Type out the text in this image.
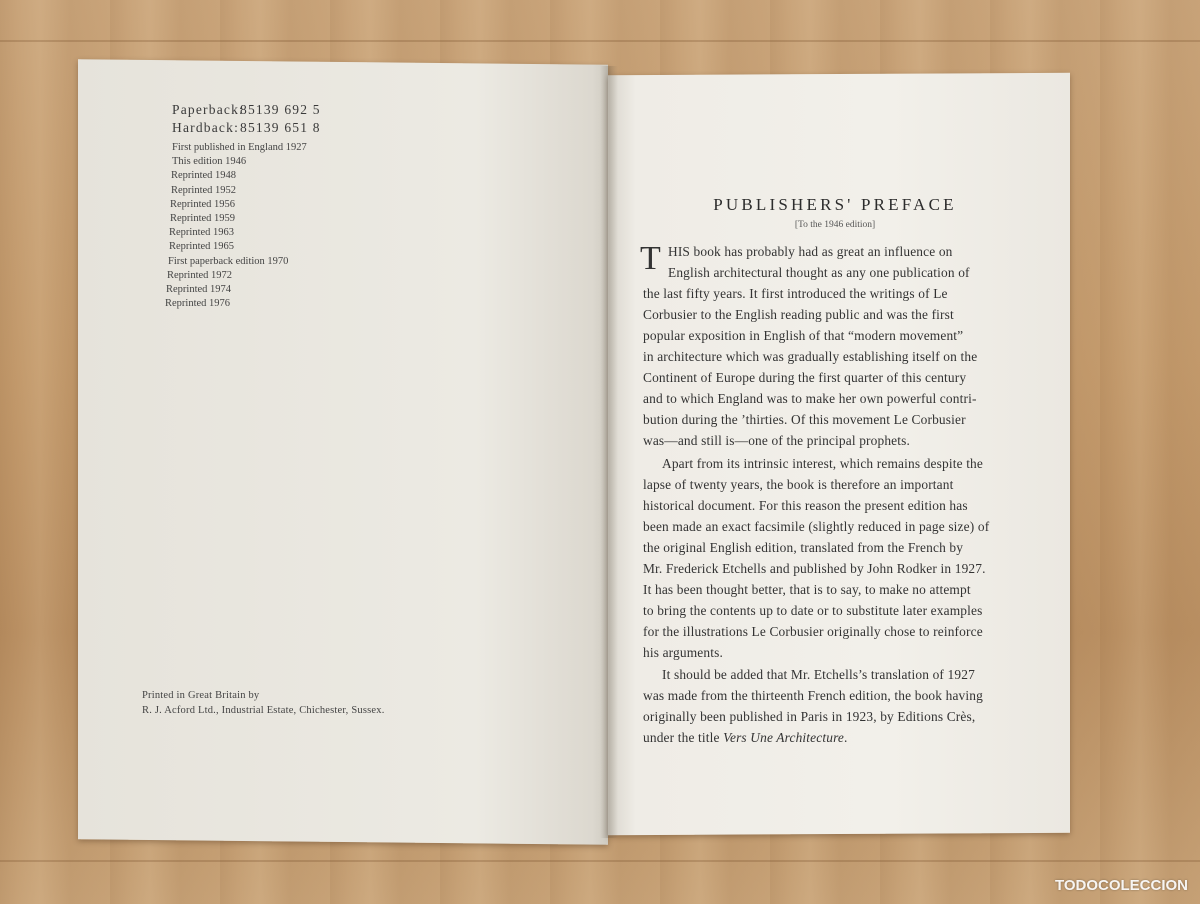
Paperback:85139 692 5
Hardback:85139 651 8
First published in England 1927
This edition 1946
Reprinted 1948
Reprinted 1952
Reprinted 1956
Reprinted 1959
Reprinted 1963
Reprinted 1965
First paperback edition 1970
Reprinted 1972
Reprinted 1974
Reprinted 1976
Printed in Great Britain by
R. J. Acford Ltd., Industrial Estate, Chichester, Sussex.
PUBLISHERS' PREFACE
[To the 1946 edition]
T HIS book has probably had as great an influence on
English architectural thought as any one publication of
the last fifty years. It first introduced the writings of Le
Corbusier to the English reading public and was the first
popular exposition in English of that “modern movement”
in architecture which was gradually establishing itself on the
Continent of Europe during the first quarter of this century
and to which England was to make her own powerful contri-
bution during the ’thirties. Of this movement Le Corbusier
was—and still is—one of the principal prophets.
Apart from its intrinsic interest, which remains despite the
lapse of twenty years, the book is therefore an important
historical document. For this reason the present edition has
been made an exact facsimile (slightly reduced in page size) of
the original English edition, translated from the French by
Mr. Frederick Etchells and published by John Rodker in 1927.
It has been thought better, that is to say, to make no attempt
to bring the contents up to date or to substitute later examples
for the illustrations Le Corbusier originally chose to reinforce
his arguments.
It should be added that Mr. Etchells’s translation of 1927
was made from the thirteenth French edition, the book having
originally been published in Paris in 1923, by Editions Crès,
under the title Vers Une Architecture.
TODOCOLECCION
